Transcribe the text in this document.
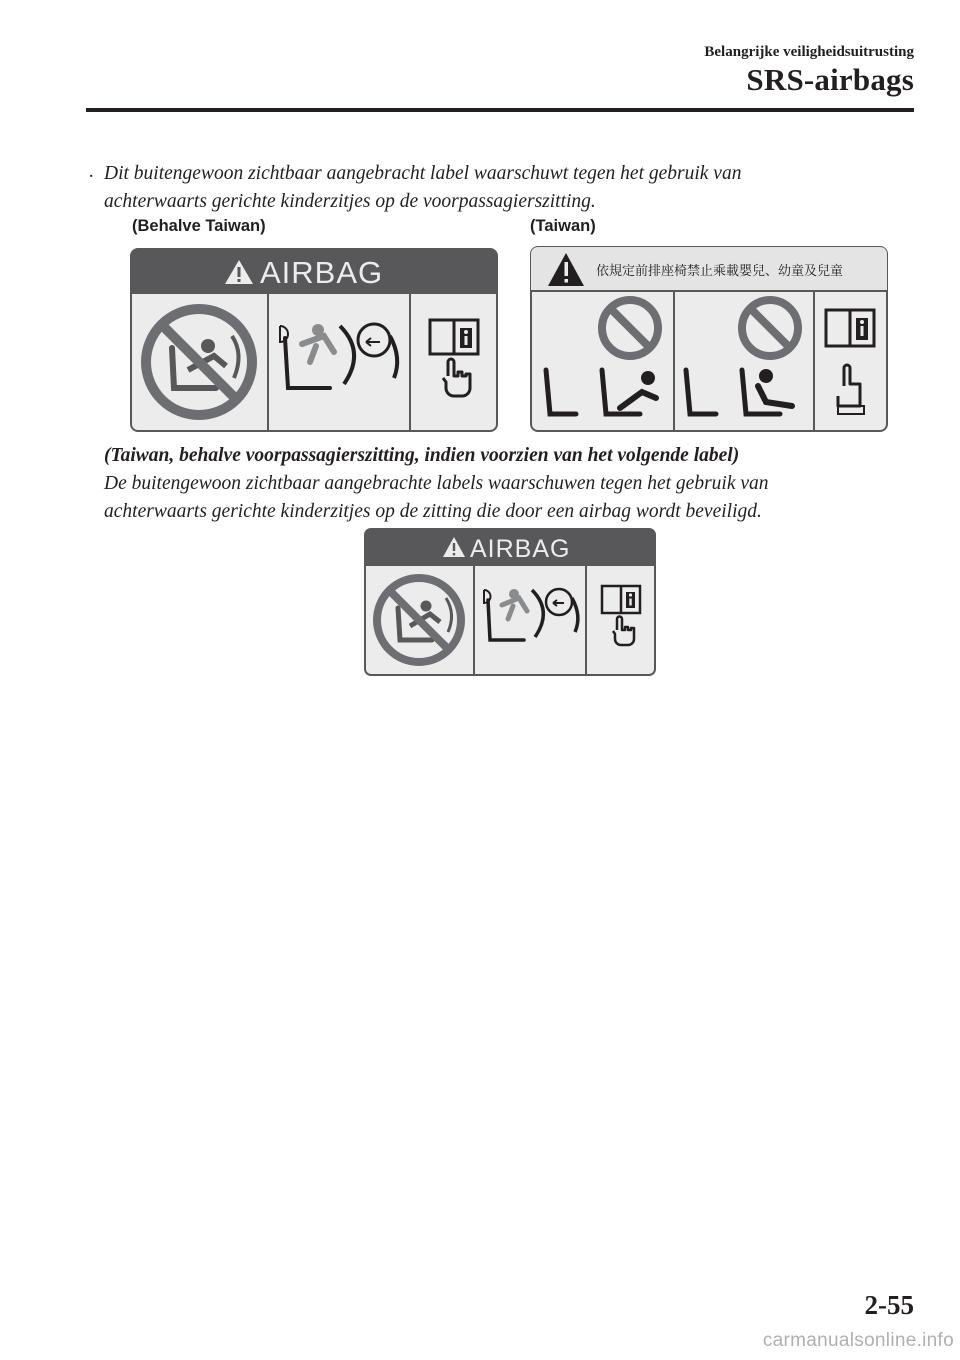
Belangrijke veiligheidsuitrusting
SRS-airbags
· Dit buitengewoon zichtbaar aangebracht label waarschuwt tegen het gebruik van
achterwaarts gerichte kinderzitjes op de voorpassagierszitting.
(Behalve Taiwan)	(Taiwan)
AIRBAG	依規定前排座椅禁止乘載嬰兒、幼童及兒童
(Taiwan, behalve voorpassagierszitting, indien voorzien van het volgende label)
De buitengewoon zichtbaar aangebrachte labels waarschuwen tegen het gebruik van
achterwaarts gerichte kinderzitjes op de zitting die door een airbag wordt beveiligd.
AIRBAG
2-55
carmanualsonline.info
